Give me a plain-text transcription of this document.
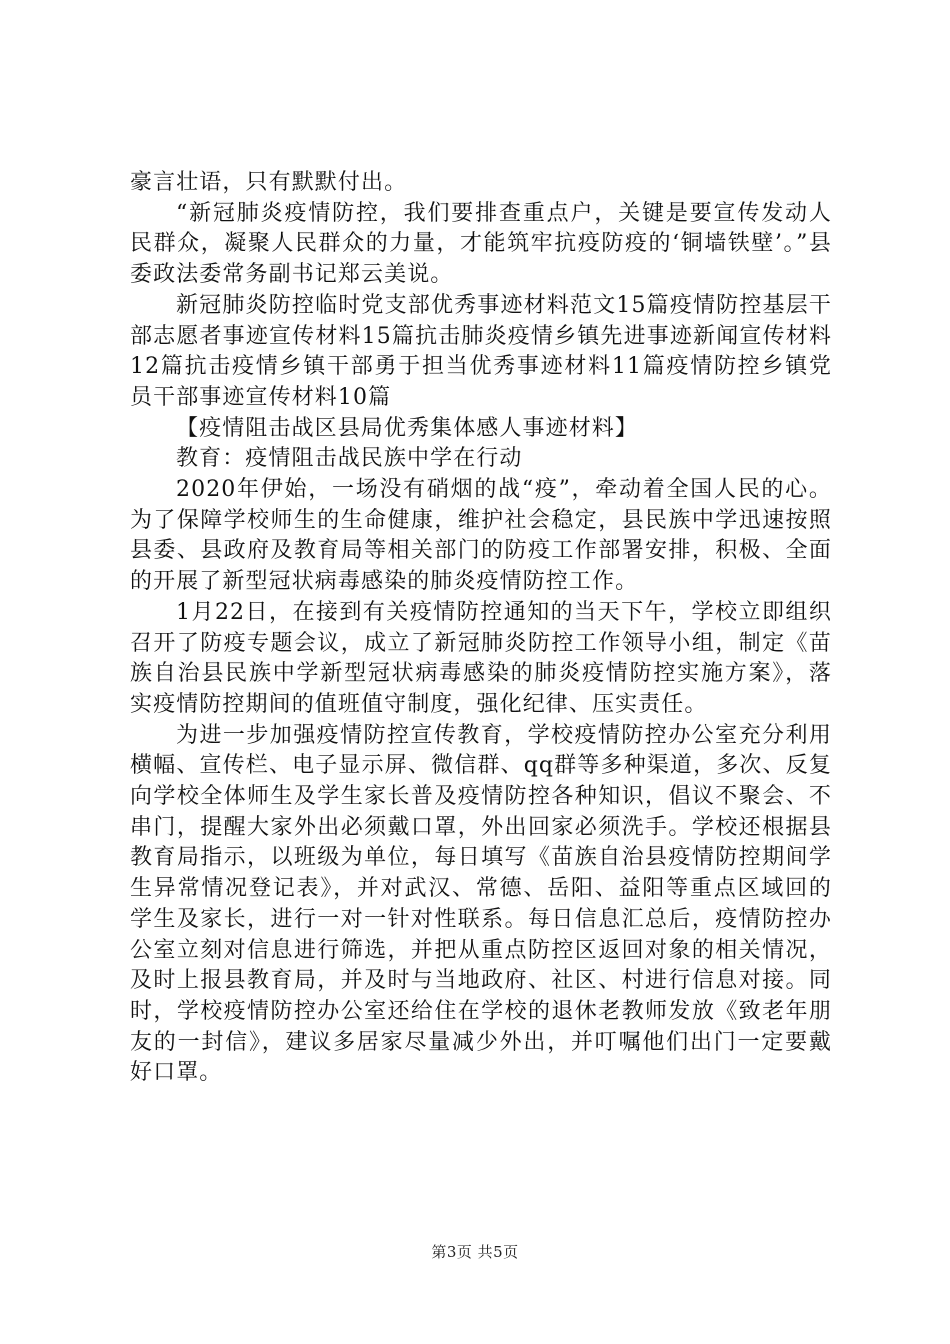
豪言壮语，只有默默付出。

“新冠肺炎疫情防控，我们要排查重点户，关键是要宣传发动人民群众，凝聚人民群众的力量，才能筑牢抗疫防疫的‘铜墙铁壁’。”县委政法委常务副书记郑云美说。

新冠肺炎防控临时党支部优秀事迹材料范文15篇疫情防控基层干部志愿者事迹宣传材料15篇抗击肺炎疫情乡镇先进事迹新闻宣传材料12篇抗击疫情乡镇干部勇于担当优秀事迹材料11篇疫情防控乡镇党员干部事迹宣传材料10篇

【疫情阻击战区县局优秀集体感人事迹材料】

教育：疫情阻击战民族中学在行动

2020年伊始，一场没有硝烟的战“疫”，牵动着全国人民的心。为了保障学校师生的生命健康，维护社会稳定，县民族中学迅速按照县委、县政府及教育局等相关部门的防疫工作部署安排，积极、全面的开展了新型冠状病毒感染的肺炎疫情防控工作。

1月22日，在接到有关疫情防控通知的当天下午，学校立即组织召开了防疫专题会议，成立了新冠肺炎防控工作领导小组，制定《苗族自治县民族中学新型冠状病毒感染的肺炎疫情防控实施方案》，落实疫情防控期间的值班值守制度，强化纪律、压实责任。

为进一步加强疫情防控宣传教育，学校疫情防控办公室充分利用横幅、宣传栏、电子显示屏、微信群、qq群等多种渠道，多次、反复向学校全体师生及学生家长普及疫情防控各种知识，倡议不聚会、不串门，提醒大家外出必须戴口罩，外出回家必须洗手。学校还根据县教育局指示，以班级为单位，每日填写《苗族自治县疫情防控期间学生异常情况登记表》，并对武汉、常德、岳阳、益阳等重点区域回的学生及家长，进行一对一针对性联系。每日信息汇总后，疫情防控办公室立刻对信息进行筛选，并把从重点防控区返回对象的相关情况，及时上报县教育局，并及时与当地政府、社区、村进行信息对接。同时，学校疫情防控办公室还给住在学校的退休老教师发放《致老年朋友的一封信》，建议多居家尽量减少外出，并叮嘱他们出门一定要戴好口罩。

第3页 共5页
